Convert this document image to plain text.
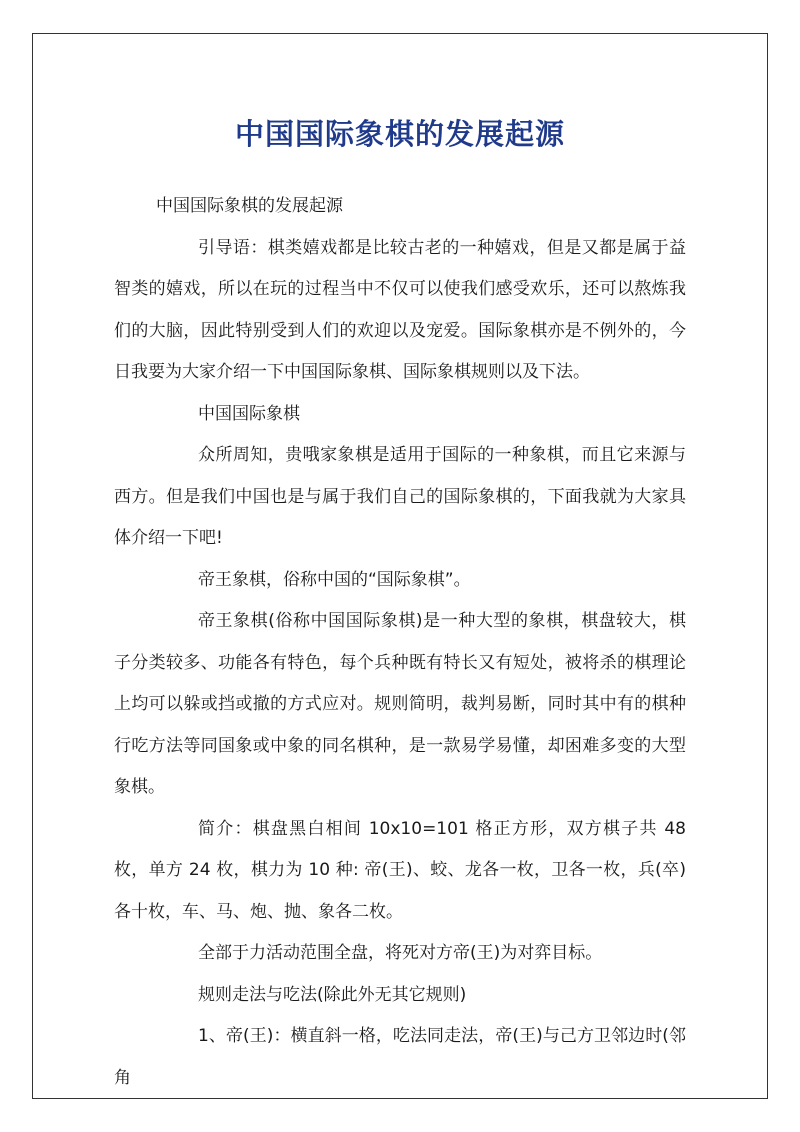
中国国际象棋的发展起源

中国国际象棋的发展起源

引导语：棋类嬉戏都是比较古老的一种嬉戏，但是又都是属于益智类的嬉戏，所以在玩的过程当中不仅可以使我们感受欢乐，还可以熬炼我们的大脑，因此特别受到人们的欢迎以及宠爱。国际象棋亦是不例外的，今日我要为大家介绍一下中国国际象棋、国际象棋规则以及下法。

中国国际象棋

众所周知，贵哦家象棋是适用于国际的一种象棋，而且它来源与西方。但是我们中国也是与属于我们自己的国际象棋的，下面我就为大家具体介绍一下吧!

帝王象棋，俗称中国的“国际象棋”。

帝王象棋(俗称中国国际象棋)是一种大型的象棋，棋盘较大，棋子分类较多、功能各有特色，每个兵种既有特长又有短处，被将杀的棋理论上均可以躲或挡或撤的方式应对。规则简明，裁判易断，同时其中有的棋种行吃方法等同国象或中象的同名棋种，是一款易学易懂，却困难多变的大型象棋。

简介：棋盘黑白相间 10x10=101 格正方形，双方棋子共 48 枚，单方 24 枚，棋力为 10 种: 帝(王)、蛟、龙各一枚，卫各一枚，兵(卒)各十枚，车、马、炮、抛、象各二枚。

全部于力活动范围全盘，将死对方帝(王)为对弈目标。

规则走法与吃法(除此外无其它规则)

1、帝(王)：横直斜一格，吃法同走法，帝(王)与己方卫邻边时(邻角
